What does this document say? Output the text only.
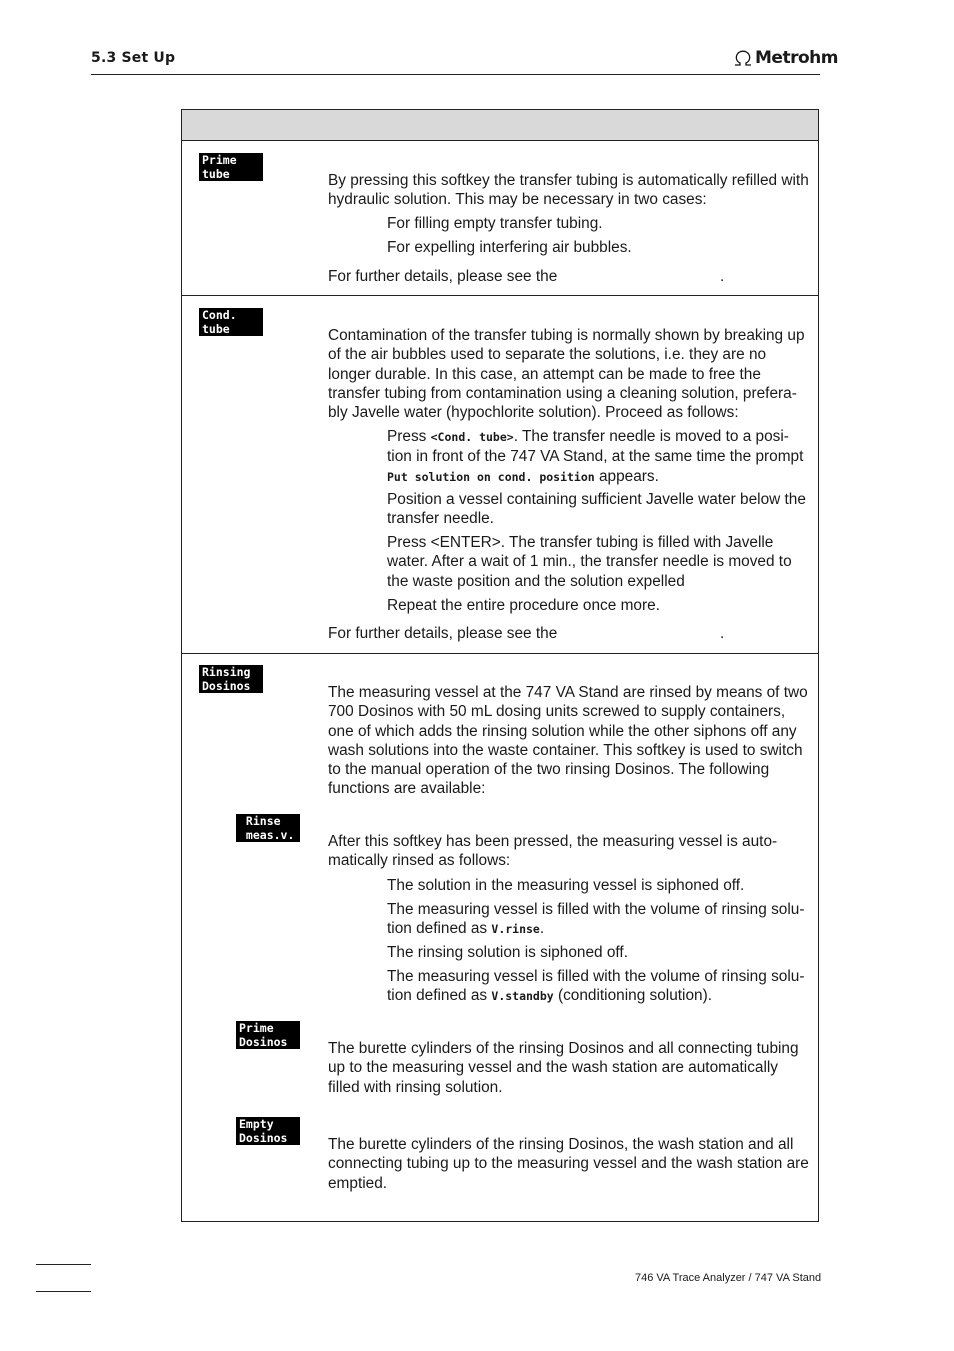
5.3 Set Up	Metrohm
Prime
tube	By pressing this softkey the transfer tubing is automatically refilled with hydraulic solution. This may be necessary in two cases:
For filling empty transfer tubing.
For expelling interfering air bubbles.
For further details, please see the	.
Cond.
tube	Contamination of the transfer tubing is normally shown by breaking up of the air bubbles used to separate the solutions, i.e. they are no longer durable. In this case, an attempt can be made to free the transfer tubing from contamination using a cleaning solution, prefera-bly Javelle water (hypochlorite solution). Proceed as follows:
Press <Cond. tube>. The transfer needle is moved to a posi-tion in front of the 747 VA Stand, at the same time the prompt Put solution on cond. position appears.
Position a vessel containing sufficient Javelle water below the transfer needle.
Press <ENTER>. The transfer tubing is filled with Javelle water. After a wait of 1 min., the transfer needle is moved to the waste position and the solution expelled
Repeat the entire procedure once more.
For further details, please see the	.
Rinsing
Dosinos	The measuring vessel at the 747 VA Stand are rinsed by means of two 700 Dosinos with 50 mL dosing units screwed to supply containers, one of which adds the rinsing solution while the other siphons off any wash solutions into the waste container. This softkey is used to switch to the manual operation of the two rinsing Dosinos. The following functions are available:
Rinse
meas.v.	After this softkey has been pressed, the measuring vessel is auto-matically rinsed as follows:
The solution in the measuring vessel is siphoned off.
The measuring vessel is filled with the volume of rinsing solu-tion defined as V.rinse.
The rinsing solution is siphoned off.
The measuring vessel is filled with the volume of rinsing solu-tion defined as V.standby (conditioning solution).
Prime
Dosinos	The burette cylinders of the rinsing Dosinos and all connecting tubing up to the measuring vessel and the wash station are automatically filled with rinsing solution.
Empty
Dosinos	The burette cylinders of the rinsing Dosinos, the wash station and all connecting tubing up to the measuring vessel and the wash station are emptied.
746 VA Trace Analyzer / 747 VA Stand
